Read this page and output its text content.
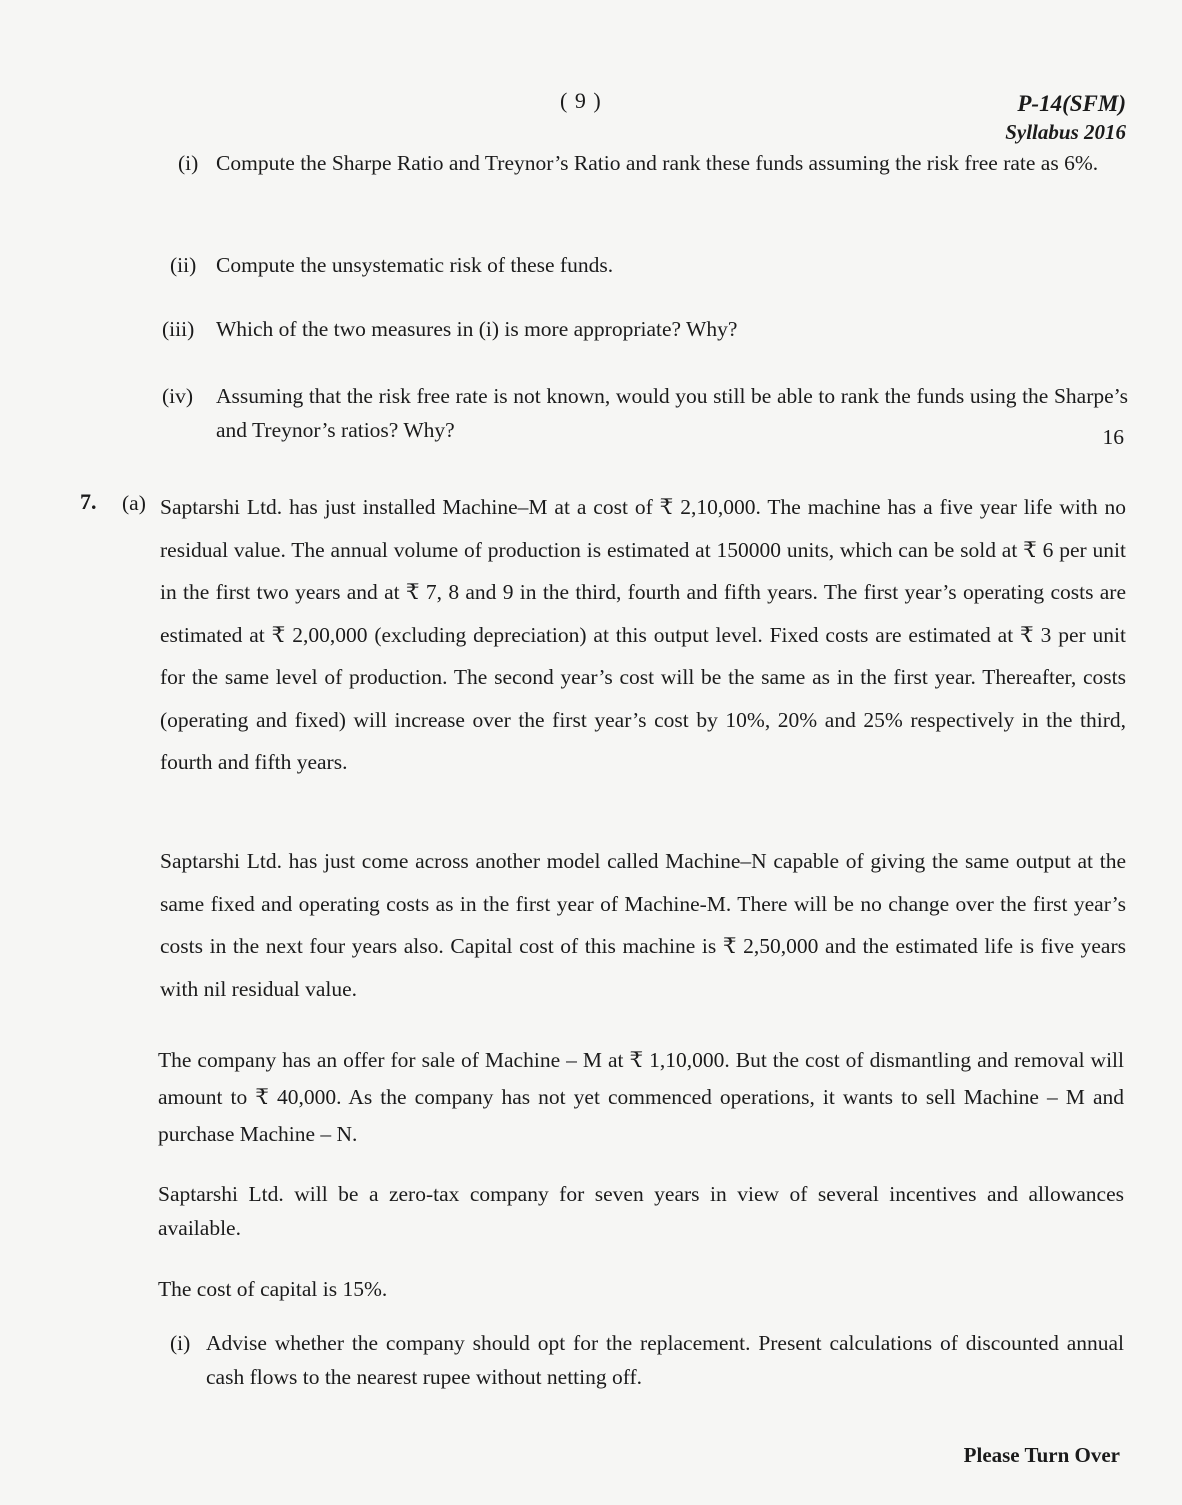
( 9 )	P-14(SFM)
Syllabus 2016
(i) Compute the Sharpe Ratio and Treynor’s Ratio and rank these funds assuming the risk free rate as 6%.
(ii) Compute the unsystematic risk of these funds.
(iii) Which of the two measures in (i) is more appropriate? Why?
(iv) Assuming that the risk free rate is not known, would you still be able to rank the funds using the Sharpe’s and Treynor’s ratios? Why?	16
7. (a) Saptarshi Ltd. has just installed Machine–M at a cost of ₹ 2,10,000. The machine has a five year life with no residual value. The annual volume of production is estimated at 150000 units, which can be sold at ₹ 6 per unit in the first two years and at ₹ 7, 8 and 9 in the third, fourth and fifth years. The first year’s operating costs are estimated at ₹ 2,00,000 (excluding depreciation) at this output level. Fixed costs are estimated at ₹ 3 per unit for the same level of production. The second year’s cost will be the same as in the first year. Thereafter, costs (operating and fixed) will increase over the first year’s cost by 10%, 20% and 25% respectively in the third, fourth and fifth years.
Saptarshi Ltd. has just come across another model called Machine–N capable of giving the same output at the same fixed and operating costs as in the first year of Machine-M. There will be no change over the first year’s costs in the next four years also. Capital cost of this machine is ₹ 2,50,000 and the estimated life is five years with nil residual value.
The company has an offer for sale of Machine – M at ₹ 1,10,000. But the cost of dismantling and removal will amount to ₹ 40,000. As the company has not yet commenced operations, it wants to sell Machine – M and purchase Machine – N.
Saptarshi Ltd. will be a zero-tax company for seven years in view of several incentives and allowances available.
The cost of capital is 15%.
(i) Advise whether the company should opt for the replacement. Present calculations of discounted annual cash flows to the nearest rupee without netting off.
Please Turn Over
